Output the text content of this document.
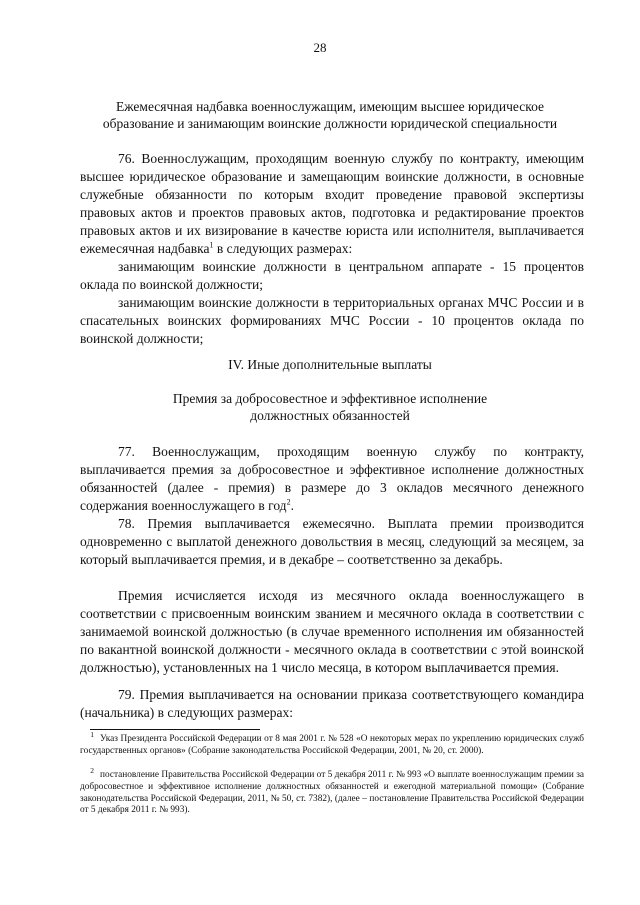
28
Ежемесячная надбавка военнослужащим, имеющим высшее юридическое
образование и занимающим воинские должности юридической специальности

76. Военнослужащим, проходящим военную службу по контракту, имеющим высшее юридическое образование и замещающим воинские должности, в основные служебные обязанности по которым входит проведение правовой экспертизы правовых актов и проектов правовых актов, подготовка и редактирование проектов правовых актов и их визирование в качестве юриста или исполнителя, выплачивается ежемесячная надбавка$^1$ в следующих размерах:

занимающим воинские должности в центральном аппарате - 15 процентов оклада по воинской должности;

занимающим воинские должности в территориальных органах МЧС России и в спасательных воинских формированиях МЧС России - 10 процентов оклада по воинской должности;

IV. Иные дополнительные выплаты
Премия за добросовестное и эффективное исполнение
должностных обязанностей

77. Военнослужащим, проходящим военную службу по контракту, выплачивается премия за добросовестное и эффективное исполнение должностных обязанностей (далее - премия) в размере до 3 окладов месячного денежного содержания военнослужащего в год$^2$.

78. Премия выплачивается ежемесячно. Выплата премии производится одновременно с выплатой денежного довольствия в месяц, следующий за месяцем, за который выплачивается премия, и в декабре – соответственно за декабрь.

Премия исчисляется исходя из месячного оклада военнослужащего в соответствии с присвоенным воинским званием и месячного оклада в соответствии с занимаемой воинской должностью (в случае временного исполнения им обязанностей по вакантной воинской должности - месячного оклада в соответствии с этой воинской должностью), установленных на 1 число месяца, в котором выплачивается премия.

79. Премия выплачивается на основании приказа соответствующего командира (начальника) в следующих размерах:

1 Указ Президента Российской Федерации от 8 мая 2001 г. № 528 «О некоторых мерах по укреплению юридических служб государственных органов» (Собрание законодательства Российской Федерации, 2001, № 20, ст. 2000).

2 постановление Правительства Российской Федерации от 5 декабря 2011 г. № 993 «О выплате военнослужащим премии за добросовестное и эффективное исполнение должностных обязанностей и ежегодной материальной помощи» (Собрание законодательства Российской Федерации, 2011, № 50, ст. 7382), (далее – постановление Правительства Российской Федерации от 5 декабря 2011 г. № 993).
